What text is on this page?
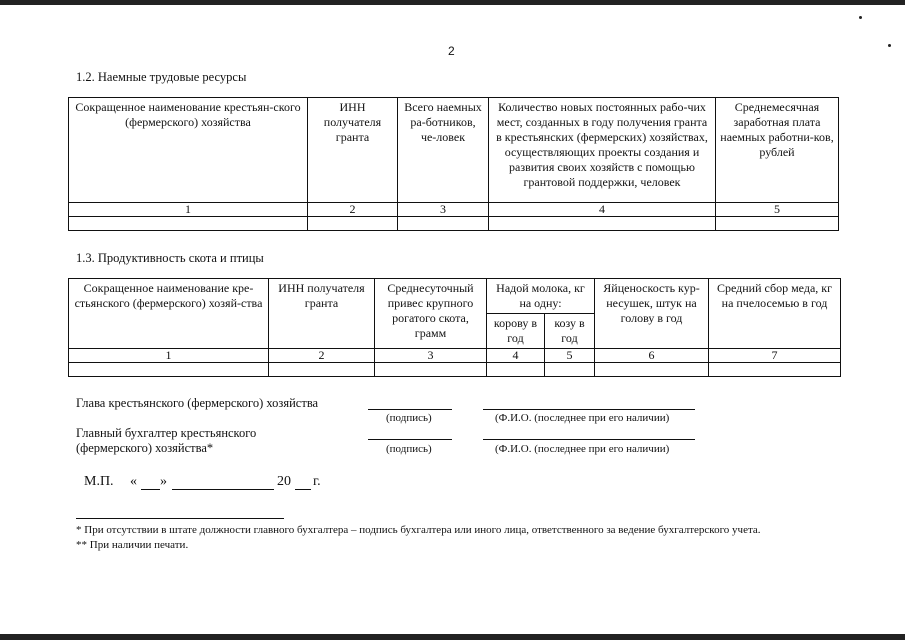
2
1.2. Наемные трудовые ресурсы
Сокращенное наименование крестьян-ского (фермерского) хозяйства	ИНН получателя гранта	Всего наемных ра-ботников, че-ловек	Количество новых постоянных рабо-чих мест, созданных в году получения гранта в крестьянских (фермерских) хозяйствах, осуществляющих проекты создания и развития своих хозяйств с помощью грантовой поддержки, человек	Среднемесячная заработная плата наемных работни-ков, рублей
1	2	3	4	5

1.3. Продуктивность скота и птицы
Сокращенное наименование кре-стьянского (фермерского) хозяй-ства	ИНН получателя гранта	Среднесуточный привес крупного рогатого скота, грамм	Надой молока, кг на одну:		Яйценоскость кур-несушек, штук на голову в год	Средний сбор меда, кг на пчелосемью в год
			корову в год	козу в год		
1	2	3	4	5	6	7

Глава крестьянского (фермерского) хозяйства
(подпись)	(Ф.И.О. (последнее при его наличии)
Главный бухгалтер крестьянского
(фермерского) хозяйства*	(подпись)	(Ф.И.О. (последнее при его наличии)
М.П. « »	20 г.
* При отсутствии в штате должности главного бухгалтера – подпись бухгалтера или иного лица, ответственного за ведение бухгалтерского учета.
** При наличии печати.
